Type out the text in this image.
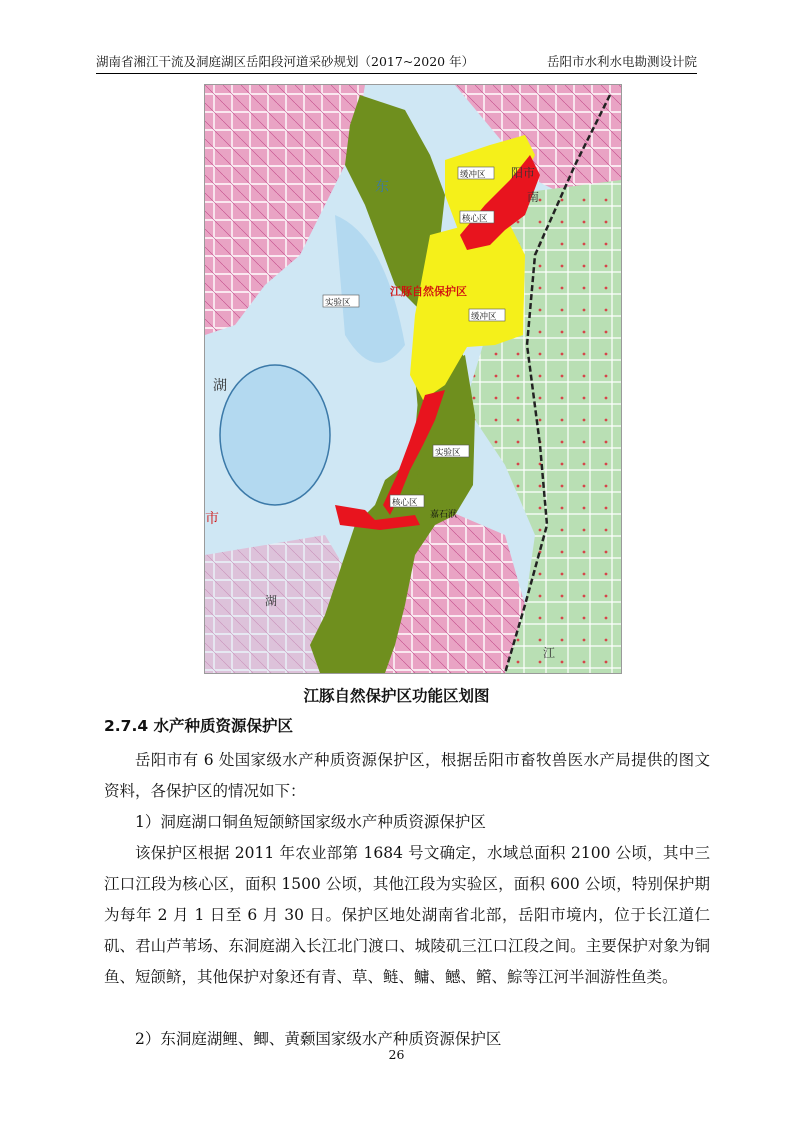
湖南省湘江干流及洞庭湖区岳阳段河道采砂规划（2017~2020 年）	岳阳市水利水电勘测设计院
江豚自然保护区
缓冲区
核心区
缓冲区
实验区
实验区
核心区
东
湖
市
阳市
南
湖
嘉石洑
江
江豚自然保护区功能区划图
2.7.4 水产种质资源保护区

岳阳市有 6 处国家级水产种质资源保护区，根据岳阳市畜牧兽医水产局提供的图文资料，各保护区的情况如下：

1）洞庭湖口铜鱼短颌鲚国家级水产种质资源保护区

该保护区根据 2011 年农业部第 1684 号文确定，水域总面积 2100 公顷，其中三江口江段为核心区，面积 1500 公顷，其他江段为实验区，面积 600 公顷，特别保护期为每年 2 月 1 日至 6 月 30 日。保护区地处湖南省北部，岳阳市境内，位于长江道仁矶、君山芦苇场、东洞庭湖入长江北门渡口、城陵矶三江口江段之间。主要保护对象为铜鱼、短颌鲚，其他保护对象还有青、草、鲢、鳙、鳡、鳤、鯮等江河半洄游性鱼类。

2）东洞庭湖鲤、鲫、黄颡国家级水产种质资源保护区

26
